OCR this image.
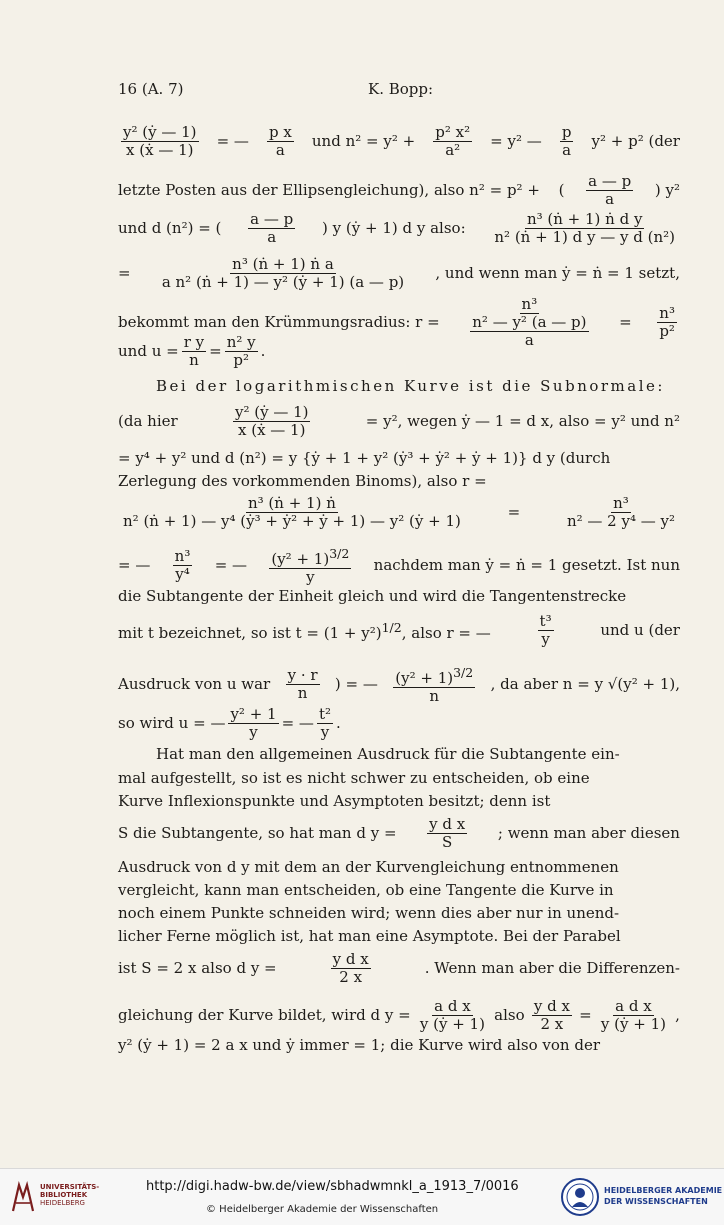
16 (A. 7)	K. Bopp:
$\frac{\text{y² (ẏ — 1)}}{\text{x (ẋ — 1)}}$ = — $\frac{\text{p x}}{a}$ und $n^2 = y^2 + \frac{\text{p² x²}}{\text{a²}} = y^2$ — $\frac{p}{a} y^2 + p^2$ (der
letzte Posten aus der Ellipsengleichung), also n² = p² + ( $\frac{a — p}{a}$ ) y²
und d (n²) = ( $\frac{a — p}{a}$ ) y (ẏ + 1) d y also: $\frac{\text{n³ (ṅ + 1) ṅ d y}}{\text{n² (ṅ + 1) d y — y d (n²)}}$
= $\frac{\text{n³ (ṅ + 1) ṅ a}}{\text{a n² (ṅ + 1) — y² (ẏ + 1) (a — p)}}$ , und wenn man ẏ = ṅ = 1 setzt,
bekommt man den Krümmungsradius: $r = \frac{\text{n³}}{\frac{\text{n² — y² (a — p)}}{a}} = \frac{\text{n³}}{\text{p²}}$
und $u = \frac{\text{r y}}{n} = \frac{\text{n² y}}{\text{p²}}$ .
Bei der logarithmischen Kurve ist die Subnormale:
(da hier	$\frac{\text{y² (ẏ — 1)}}{\text{x (ẋ — 1)}}$	= y², wegen ẏ — 1 = d x, also = y² und n²
= y⁴ + y² und d (n²) = y {ẏ + 1 + y² (ẏ³ + ẏ² + ẏ + 1)} d y (durch
Zerlegung des vorkommenden Binoms), also r =
$\frac{\text{n³ (ṅ + 1) ṅ}}{\text{n² (ṅ + 1) — y⁴ (ẏ³ + ẏ² + ẏ + 1) — y² (ẏ + 1)}}$	=	$\frac{\text{n³}}{\text{n² — 2 y⁴ — y²}}$
= — $\frac{\text{n³}}{\text{y⁴}}$ = — $\frac{(y^2 + 1)^{3/2}}{y}$ nachdem man ẏ = ṅ = 1 gesetzt. Ist nun
die Subtangente der Einheit gleich und wird die Tangentenstrecke
mit t bezeichnet, so ist $t = (1 + y^2)^{1/2}$, also r = —	$\frac{\text{t³}}{y}$	und u (der
Ausdruck von u war $\frac{y \cdot r}{n}$ ) = — $\frac{(y^2 + 1)^{3/2}}{n}$ , da aber n = y √(y² + 1),
so wird u = — $\frac{\text{y² + 1}}{y}$ = — $\frac{\text{t²}}{y}$ .
Hat man den allgemeinen Ausdruck für die Subtangente ein-
mal aufgestellt, so ist es nicht schwer zu entscheiden, ob eine
Kurve Inflexionspunkte und Asymptoten besitzt; denn ist
S die Subtangente, so hat man d $y = \frac{\text{y d x}}{S}$ ; wenn man aber diesen
Ausdruck von d y mit dem an der Kurvengleichung entnommenen
vergleicht, kann man entscheiden, ob eine Tangente die Kurve in
noch einem Punkte schneiden wird; wenn dies aber nur in unend-
licher Ferne möglich ist, hat man eine Asymptote. Bei der Parabel
ist S = 2 x also d y =	$\frac{\text{y d x}}{2 x}$	. Wenn man aber die Differenzen-
gleichung der Kurve bildet, wird d $y = \frac{\text{a d x}}{\text{y (ẏ + 1)}}$ also $\frac{\text{y d x}}{2 x} = \frac{\text{a d x}}{\text{y (ẏ + 1)}}$ ,
y² (ẏ + 1) = 2 a x und ẏ immer = 1; die Kurve wird also von der
UNIVERSITÄTS-
BIBLIOTHEK
HEIDELBERG
http://digi.hadw-bw.de/view/sbhadwmnkl_a_1913_7/0016
© Heidelberger Akademie der Wissenschaften
HEIDELBERGER AKADEMIE
DER WISSENSCHAFTEN
